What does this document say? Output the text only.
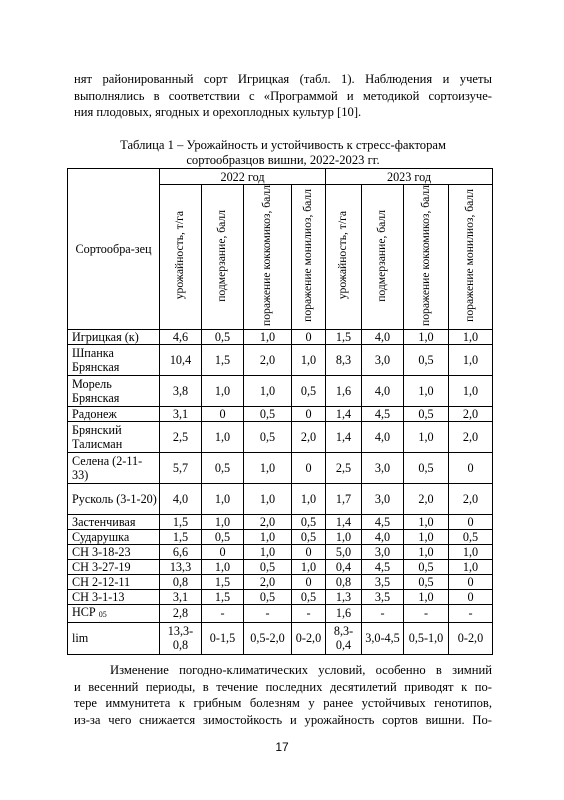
нят районированный сорт Игрицкая (табл. 1). Наблюдения и учеты
выполнялись в соответствии с «Программой и методикой сортоизуче-
ния плодовых, ягодных и орехоплодных культур [10].
Таблица 1 – Урожайность и устойчивость к стресс-факторам
сортообразцов вишни, 2022-2023 гг.
Сортообра-зец	2022 год				2023 год			
	урожайность, т/га	подмерзание, балл	поражение коккомикоз, балл	поражение монилиоз, балл	урожайность, т/га	подмерзание, балл	поражение коккомикоз, балл	поражение монилиоз, балл
Игрицкая (к)	4,6	0,5	1,0	0	1,5	4,0	1,0	1,0
Шпанка Брянская	10,4	1,5	2,0	1,0	8,3	3,0	0,5	1,0
Морель Брянская	3,8	1,0	1,0	0,5	1,6	4,0	1,0	1,0
Радонеж	3,1	0	0,5	0	1,4	4,5	0,5	2,0
Брянский Талисман	2,5	1,0	0,5	2,0	1,4	4,0	1,0	2,0
Селена (2-11-33)	5,7	0,5	1,0	0	2,5	3,0	0,5	0
Русколь (3-1-20)	4,0	1,0	1,0	1,0	1,7	3,0	2,0	2,0
Застенчивая	1,5	1,0	2,0	0,5	1,4	4,5	1,0	0
Сударушка	1,5	0,5	1,0	0,5	1,0	4,0	1,0	0,5
СН 3-18-23	6,6	0	1,0	0	5,0	3,0	1,0	1,0
СН 3-27-19	13,3	1,0	0,5	1,0	0,4	4,5	0,5	1,0
СН 2-12-11	0,8	1,5	2,0	0	0,8	3,5	0,5	0
СН 3-1-13	3,1	1,5	0,5	0,5	1,3	3,5	1,0	0
НСР 05	2,8	-	-	-	1,6	-	-	-
lim	13,3-0,8	0-1,5	0,5-2,0	0-2,0	8,3-0,4	3,0-4,5	0,5-1,0	0-2,0
Изменение погодно-климатических условий, особенно в зимний
и весенний периоды, в течение последних десятилетий приводят к по-
тере иммунитета к грибным болезням у ранее устойчивых генотипов,
из-за чего снижается зимостойкость и урожайность сортов вишни. По-
17
